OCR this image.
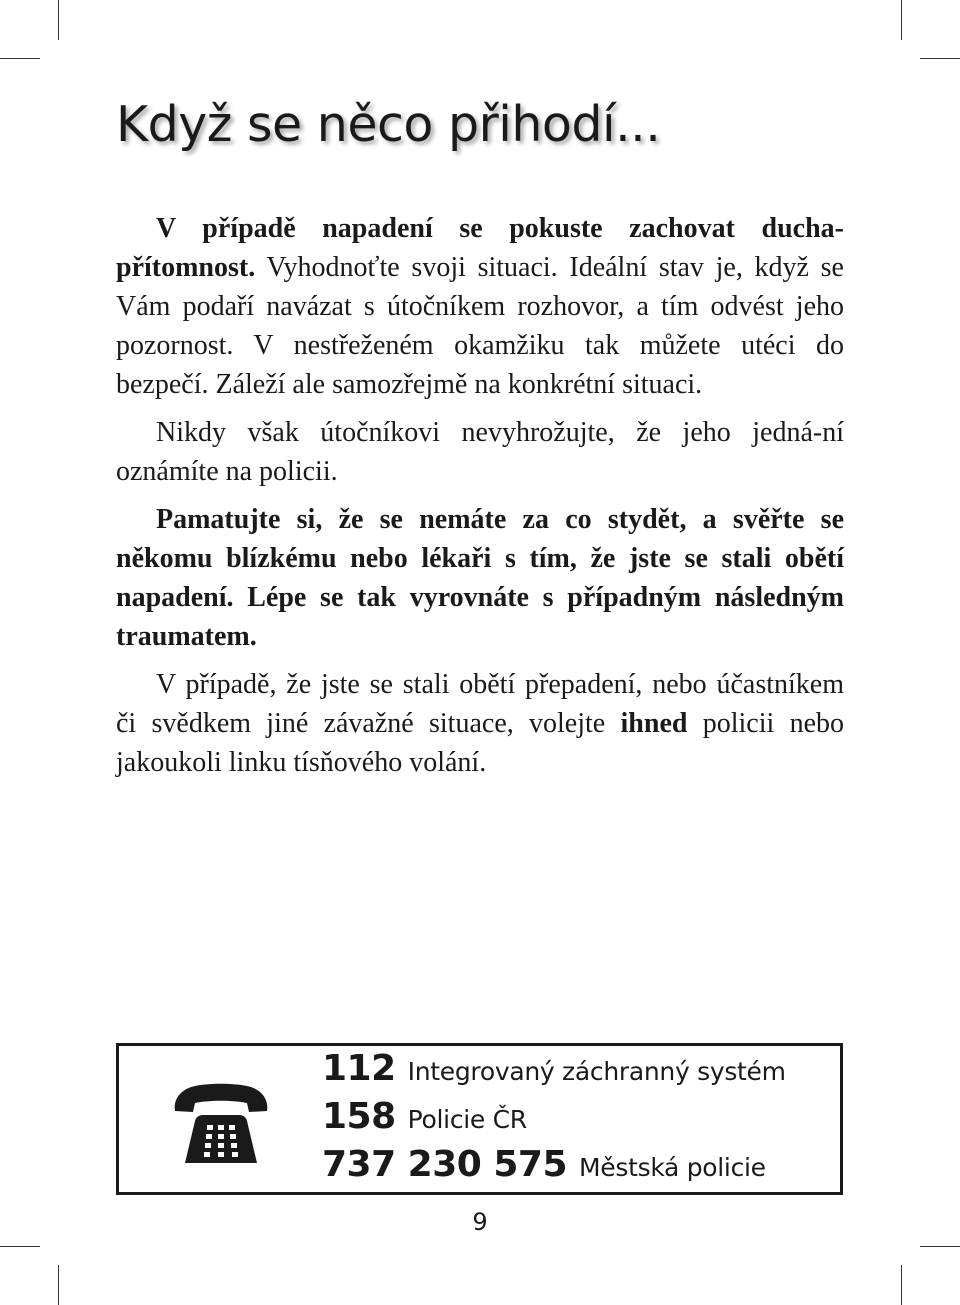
Když se něco přihodí...

V případě napadení se pokuste zachovat ducha-přítomnost. Vyhodnoťte svoji situaci. Ideální stav je, když se Vám podaří navázat s útočníkem rozhovor, a tím odvést jeho pozornost. V nestřeženém okamžiku tak můžete utéci do bezpečí. Záleží ale samozřejmě na konkrétní situaci.

Nikdy však útočníkovi nevyhrožujte, že jeho jedná-ní oznámíte na policii.

Pamatujte si, že se nemáte za co stydět, a svěřte se někomu blízkému nebo lékaři s tím, že jste se stali obětí napadení. Lépe se tak vyrovnáte s případným následným traumatem.

V případě, že jste se stali obětí přepadení, nebo účastníkem či svědkem jiné závažné situace, volejte ihned policii nebo jakoukoli linku tísňového volání.

112 Integrovaný záchranný systém
158 Policie ČR
737 230 575 Městská policie
9
